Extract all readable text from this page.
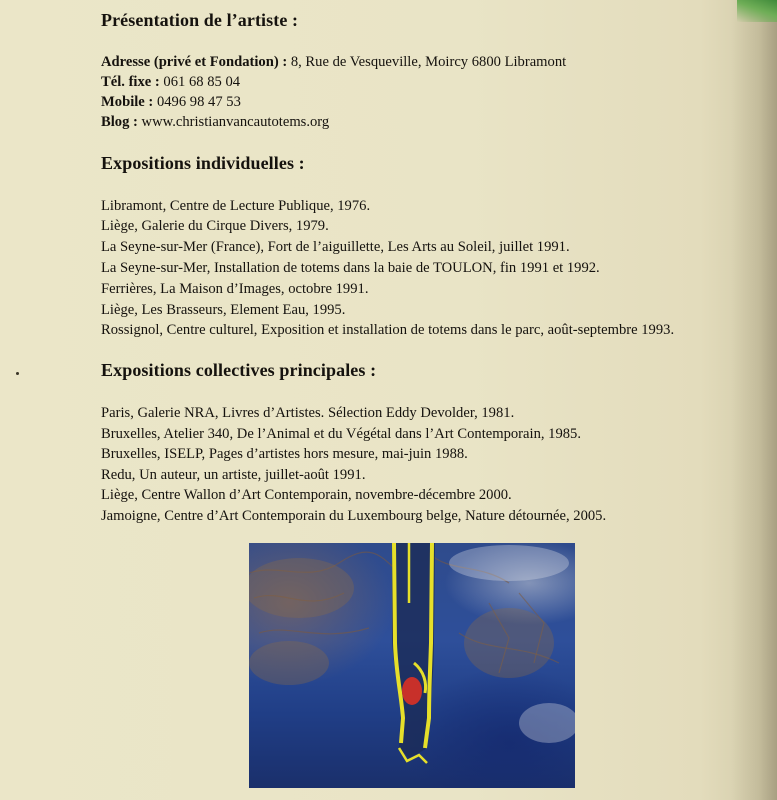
Présentation de l’artiste :
Adresse (privé et Fondation) : 8, Rue de Vesqueville, Moircy 6800 Libramont
Tél. fixe : 061 68 85 04
Mobile : 0496 98 47 53
Blog : www.christianvancautotems.org
Expositions individuelles :
Libramont, Centre de Lecture Publique, 1976.
Liège, Galerie du Cirque Divers, 1979.
La Seyne-sur-Mer (France), Fort de l’aiguillette, Les Arts au Soleil, juillet 1991.
La Seyne-sur-Mer, Installation de totems dans la baie de TOULON, fin 1991 et 1992.
Ferrières, La Maison d’Images, octobre 1991.
Liège, Les Brasseurs, Element Eau, 1995.
Rossignol, Centre culturel, Exposition et installation de totems dans le parc, août-septembre 1993.
Expositions collectives principales :
Paris, Galerie NRA, Livres d’Artistes. Sélection Eddy Devolder, 1981.
Bruxelles, Atelier 340, De l’Animal et du Végétal dans l’Art Contemporain, 1985.
Bruxelles, ISELP, Pages d’artistes hors mesure, mai-juin 1988.
Redu, Un auteur, un artiste, juillet-août 1991.
Liège, Centre Wallon d’Art Contemporain, novembre-décembre 2000.
Jamoigne, Centre d’Art Contemporain du Luxembourg belge, Nature détournée, 2005.
